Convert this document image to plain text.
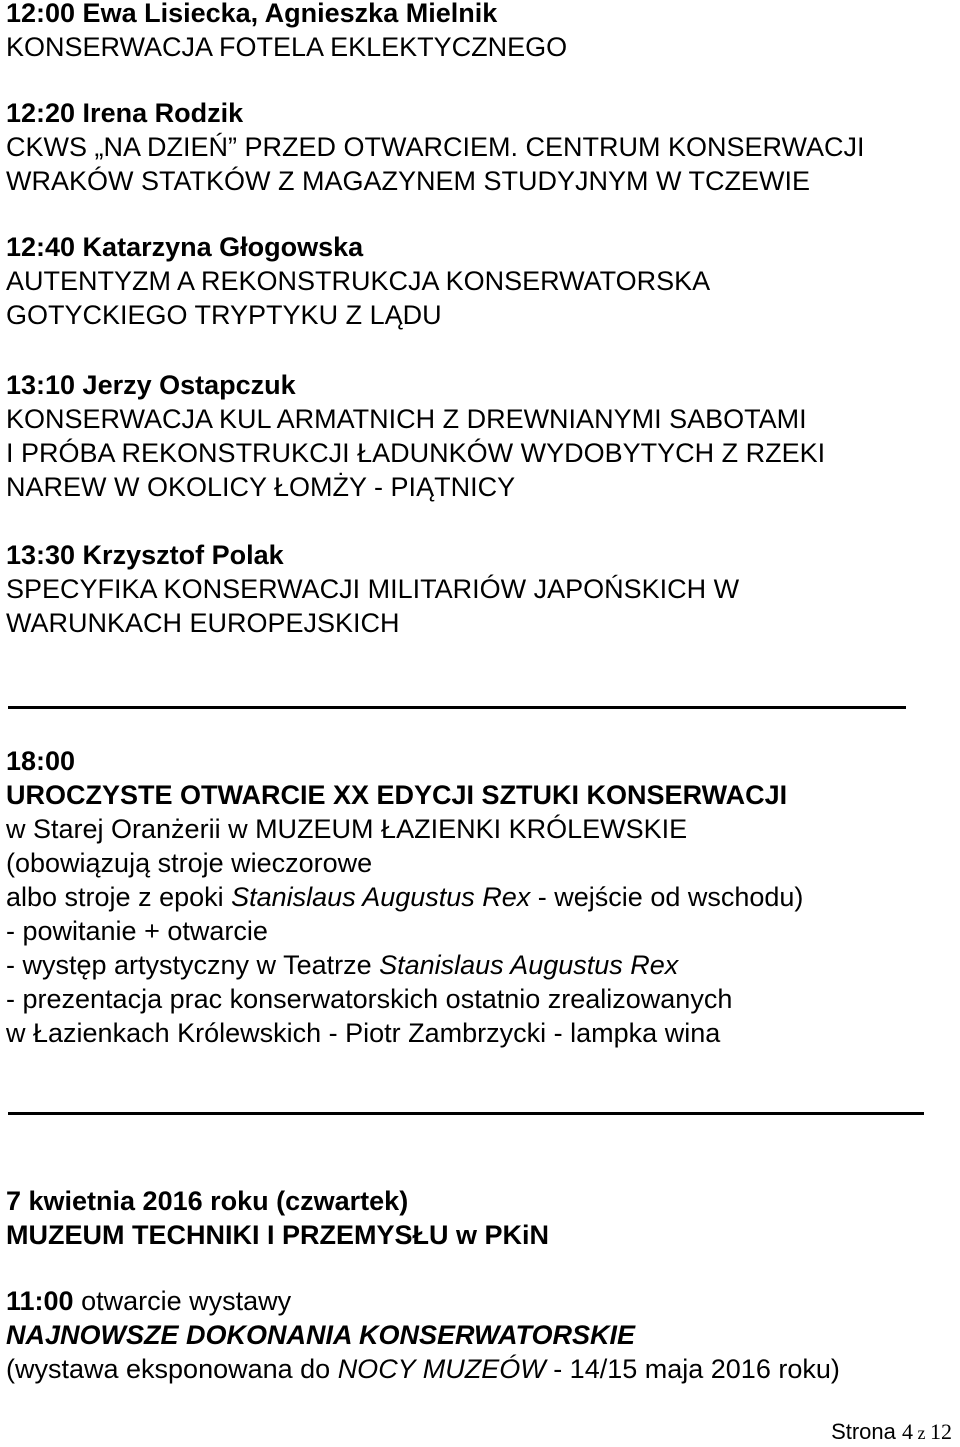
12:00 Ewa Lisiecka, Agnieszka Mielnik
KONSERWACJA FOTELA EKLEKTYCZNEGO
12:20 Irena Rodzik
CKWS „NA DZIEŃ” PRZED OTWARCIEM. CENTRUM KONSERWACJI
WRAKÓW STATKÓW Z MAGAZYNEM STUDYJNYM W TCZEWIE
12:40 Katarzyna Głogowska
AUTENTYZM A REKONSTRUKCJA KONSERWATORSKA
GOTYCKIEGO TRYPTYKU Z LĄDU
13:10 Jerzy Ostapczuk
KONSERWACJA KUL ARMATNICH Z DREWNIANYMI SABOTAMI
I PRÓBA REKONSTRUKCJI ŁADUNKÓW WYDOBYTYCH Z RZEKI
NAREW W OKOLICY ŁOMŻY - PIĄTNICY
13:30 Krzysztof Polak
SPECYFIKA KONSERWACJI MILITARIÓW JAPOŃSKICH W
WARUNKACH EUROPEJSKICH
18:00
UROCZYSTE OTWARCIE XX EDYCJI SZTUKI KONSERWACJI
w Starej Oranżerii w MUZEUM ŁAZIENKI KRÓLEWSKIE
(obowiązują stroje wieczorowe
albo stroje z epoki Stanislaus Augustus Rex - wejście od wschodu)
- powitanie + otwarcie
- występ artystyczny w Teatrze Stanislaus Augustus Rex
- prezentacja prac konserwatorskich ostatnio zrealizowanych
w Łazienkach Królewskich - Piotr Zambrzycki - lampka wina
7 kwietnia 2016 roku (czwartek)
MUZEUM TECHNIKI I PRZEMYSŁU w PKiN
11:00 otwarcie wystawy
NAJNOWSZE DOKONANIA KONSERWATORSKIE
(wystawa eksponowana do NOCY MUZEÓW - 14/15 maja 2016 roku)
Strona 4 z 12
